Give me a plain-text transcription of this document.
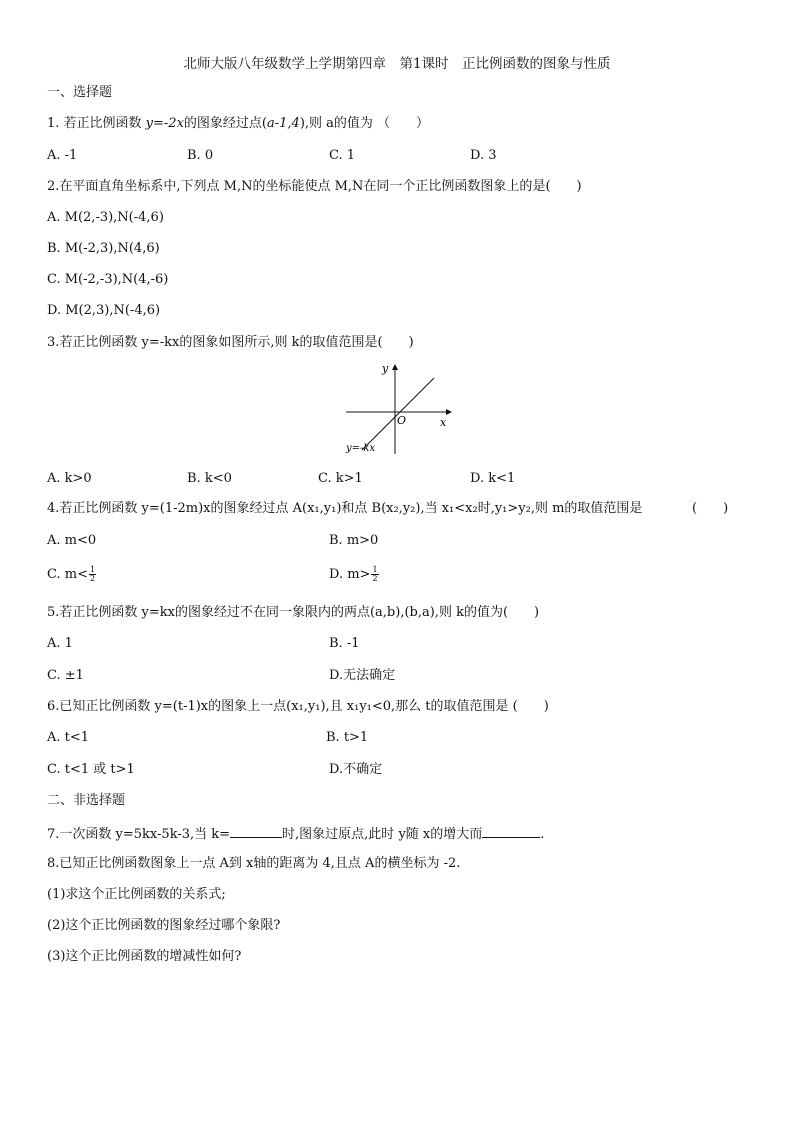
北师大版八年级数学上学期第四章　第1课时　正比例函数的图象与性质
一、选择题
1. 若正比例函数 y=-2x的图象经过点(a-1,4),则 a的值为 （　　）
A. -1	B. 0	C. 1	D. 3
2.在平面直角坐标系中,下列点 M,N的坐标能使点 M,N在同一个正比例函数图象上的是(　　)
A. M(2,-3),N(-4,6)
B. M(-2,3),N(4,6)
C. M(-2,-3),N(4,-6)
D. M(2,3),N(-4,6)
3.若正比例函数 y=-kx的图象如图所示,则 k的取值范围是(　　)
y
x
O
y=-kx
A. k>0	B. k<0	C. k>1	D. k<1
4.若正比例函数 y=(1-2m)x的图象经过点 A(x₁,y₁)和点 B(x₂,y₂),当 x₁<x₂时,y₁>y₂,则 m的取值范围是	(　　)
A. m<0	B. m>0
C. $m< \frac{1}{2}$	D. $m> \frac{1}{2}$
5.若正比例函数 y=kx的图象经过不在同一象限内的两点(a,b),(b,a),则 k的值为(　　)
A. 1	B. -1
C. ±1	D.无法确定
6.已知正比例函数 y=(t-1)x的图象上一点(x₁,y₁),且 x₁y₁<0,那么 t的取值范围是 (　　)
A. t<1	B. t>1
C. t<1 或 t>1	D.不确定
二、非选择题
7.一次函数 y=5kx-5k-3,当 k=	时,图象过原点,此时 y随 x的增大而	.
8.已知正比例函数图象上一点 A到 x轴的距离为 4,且点 A的横坐标为 -2.
(1)求这个正比例函数的关系式;
(2)这个正比例函数的图象经过哪个象限?
(3)这个正比例函数的增减性如何?
